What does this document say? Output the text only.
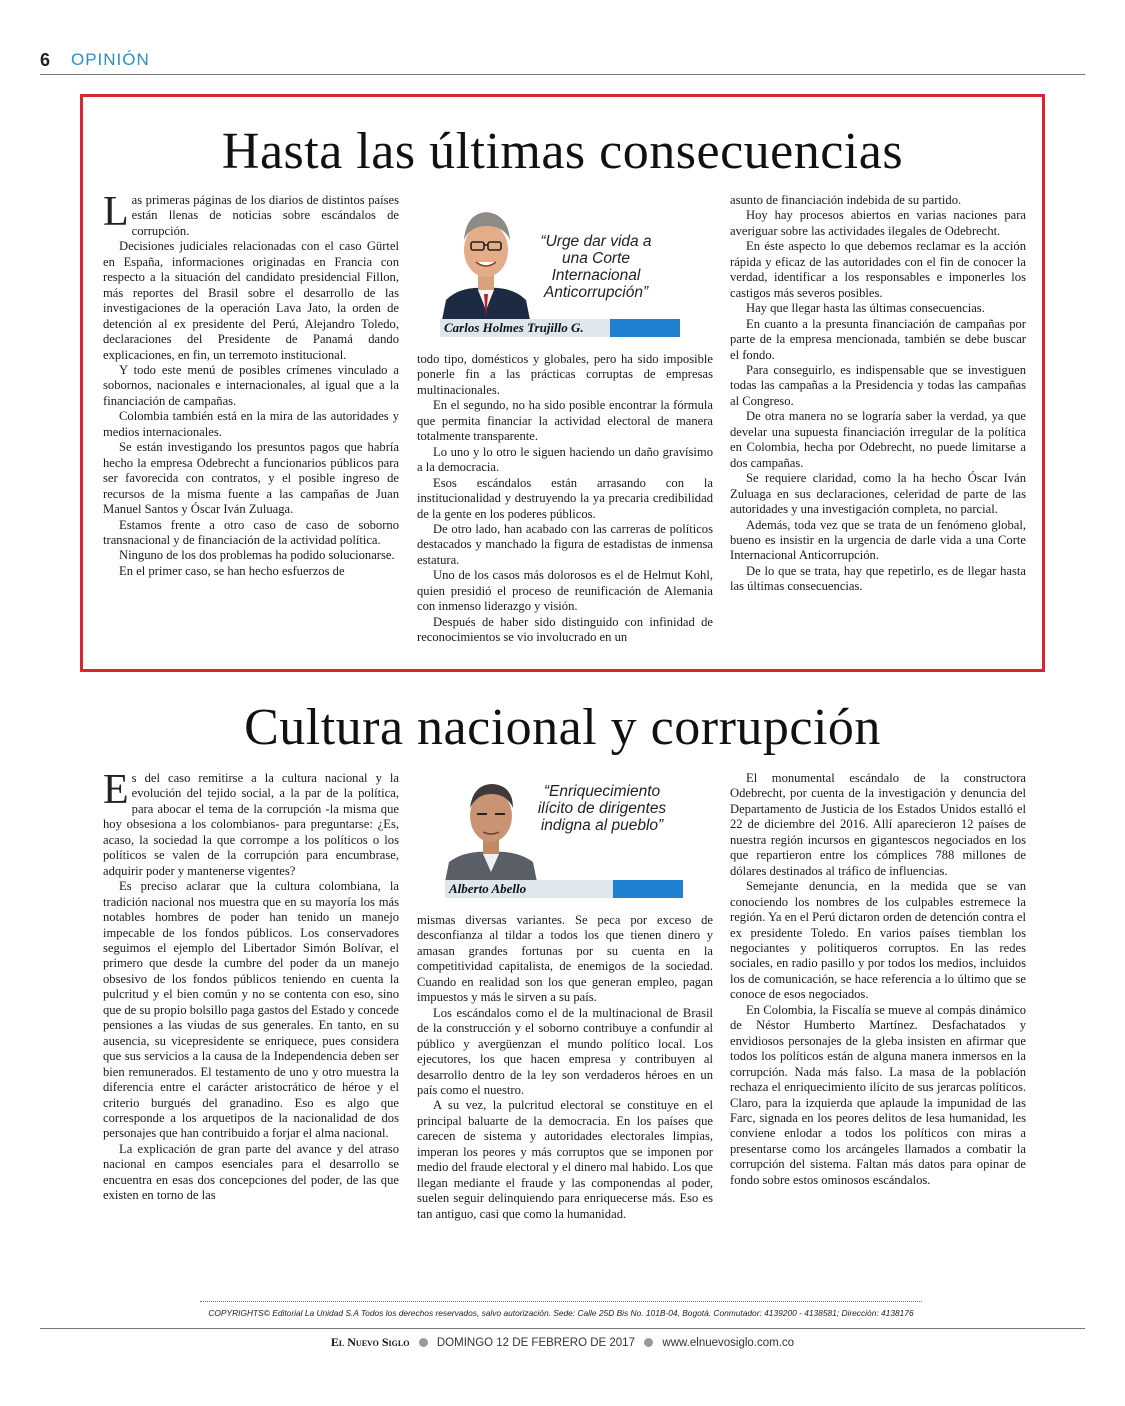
6 OPINIÓN
Hasta las últimas consecuencias

Las primeras páginas de los diarios de distintos países están llenas de noticias sobre escándalos de corrupción.

Decisiones judiciales relacionadas con el caso Gürtel en España, informaciones originadas en Francia con respecto a la situación del candidato presidencial Fillon, más reportes del Brasil sobre el desarrollo de las investigaciones de la operación Lava Jato, la orden de detención al ex presidente del Perú, Alejandro Toledo, declaraciones del Presidente de Panamá dando explicaciones, en fin, un terremoto institucional.

Y todo este menú de posibles crímenes vinculado a sobornos, nacionales e internacionales, al igual que a la financiación de campañas.

Colombia también está en la mira de las autoridades y medios internacionales.

Se están investigando los presuntos pagos que habría hecho la empresa Odebrecht a funcionarios públicos para ser favorecida con contratos, y el posible ingreso de recursos de la misma fuente a las campañas de Juan Manuel Santos y Óscar Iván Zuluaga.

Estamos frente a otro caso de caso de soborno transnacional y de financiación de la actividad política.

Ninguno de los dos problemas ha podido solucionarse.

En el primer caso, se han hecho esfuerzos de

“Urge dar vida a una Corte Internacional Anticorrupción”
Carlos Holmes Trujillo G.

todo tipo, domésticos y globales, pero ha sido imposible ponerle fin a las prácticas corruptas de empresas multinacionales.

En el segundo, no ha sido posible encontrar la fórmula que permita financiar la actividad electoral de manera totalmente transparente.

Lo uno y lo otro le siguen haciendo un daño gravísimo a la democracia.

Esos escándalos están arrasando con la institucionalidad y destruyendo la ya precaria credibilidad de la gente en los poderes públicos.

De otro lado, han acabado con las carreras de políticos destacados y manchado la figura de estadistas de inmensa estatura.

Uno de los casos más dolorosos es el de Helmut Kohl, quien presidió el proceso de reunificación de Alemania con inmenso liderazgo y visión.

Después de haber sido distinguido con infinidad de reconocimientos se vio involucrado en un

asunto de financiación indebida de su partido.

Hoy hay procesos abiertos en varias naciones para averiguar sobre las actividades ilegales de Odebrecht.

En éste aspecto lo que debemos reclamar es la acción rápida y eficaz de las autoridades con el fin de conocer la verdad, identificar a los responsables e imponerles los castigos más severos posibles.

Hay que llegar hasta las últimas consecuencias.

En cuanto a la presunta financiación de campañas por parte de la empresa mencionada, también se debe buscar el fondo.

Para conseguirlo, es indispensable que se investiguen todas las campañas a la Presidencia y todas las campañas al Congreso.

De otra manera no se lograría saber la verdad, ya que develar una supuesta financiación irregular de la política en Colombia, hecha por Odebrecht, no puede limitarse a dos campañas.

Se requiere claridad, como la ha hecho Óscar Iván Zuluaga en sus declaraciones, celeridad de parte de las autoridades y una investigación completa, no parcial.

Además, toda vez que se trata de un fenómeno global, bueno es insistir en la urgencia de darle vida a una Corte Internacional Anticorrupción.

De lo que se trata, hay que repetirlo, es de llegar hasta las últimas consecuencias.

Cultura nacional y corrupción

Es del caso remitirse a la cultura nacional y la evolución del tejido social, a la par de la política, para abocar el tema de la corrupción -la misma que hoy obsesiona a los colombianos- para preguntarse: ¿Es, acaso, la sociedad la que corrompe a los políticos o los políticos se valen de la corrupción para encumbrase, adquirir poder y mantenerse vigentes?

Es preciso aclarar que la cultura colombiana, la tradición nacional nos muestra que en su mayoría los más notables hombres de poder han tenido un manejo impecable de los fondos públicos. Los conservadores seguimos el ejemplo del Libertador Simón Bolívar, el primero que desde la cumbre del poder da un manejo obsesivo de los fondos públicos teniendo en cuenta la pulcritud y el bien común y no se contenta con eso, sino que de su propio bolsillo paga gastos del Estado y concede pensiones a las viudas de sus generales. En tanto, en su ausencia, su vicepresidente se enriquece, pues considera que sus servicios a la causa de la Independencia deben ser bien remunerados. El testamento de uno y otro muestra la diferencia entre el carácter aristocrático de héroe y el criterio burgués del granadino. Eso es algo que corresponde a los arquetipos de la nacionalidad de dos personajes que han contribuido a forjar el alma nacional.

La explicación de gran parte del avance y del atraso nacional en campos esenciales para el desarrollo se encuentra en esas dos concepciones del poder, de las que existen en torno de las

“Enriquecimiento ilícito de dirigentes indigna al pueblo”
Alberto Abello

mismas diversas variantes. Se peca por exceso de desconfianza al tildar a todos los que tienen dinero y amasan grandes fortunas por su cuenta en la competitividad capitalista, de enemigos de la sociedad. Cuando en realidad son los que generan empleo, pagan impuestos y más le sirven a su país.

Los escándalos como el de la multinacional de Brasil de la construcción y el soborno contribuye a confundir al público y avergüenzan el mundo político local. Los ejecutores, los que hacen empresa y contribuyen al desarrollo dentro de la ley son verdaderos héroes en un país como el nuestro.

A su vez, la pulcritud electoral se constituye en el principal baluarte de la democracia. En los países que carecen de sistema y autoridades electorales limpias, imperan los peores y más corruptos que se imponen por medio del fraude electoral y el dinero mal habido. Los que llegan mediante el fraude y las componendas al poder, suelen seguir delinquiendo para enriquecerse más. Eso es tan antiguo, casi que como la humanidad.

El monumental escándalo de la constructora Odebrecht, por cuenta de la investigación y denuncia del Departamento de Justicia de los Estados Unidos estalló el 22 de diciembre del 2016. Allí aparecieron 12 países de nuestra región incursos en gigantescos negociados en los que repartieron entre los cómplices 788 millones de dólares destinados al tráfico de influencias.

Semejante denuncia, en la medida que se van conociendo los nombres de los culpables estremece la región. Ya en el Perú dictaron orden de detención contra el ex presidente Toledo. En varios países tiemblan los negociantes y politiqueros corruptos. En las redes sociales, en radio pasillo y por todos los medios, incluidos los de comunicación, se hace referencia a lo último que se conoce de esos negociados.

En Colombia, la Fiscalía se mueve al compás dinámico de Néstor Humberto Martínez. Desfachatados y envidiosos personajes de la gleba insisten en afirmar que todos los políticos están de alguna manera inmersos en la corrupción. Nada más falso. La masa de la población rechaza el enriquecimiento ilícito de sus jerarcas políticos. Claro, para la izquierda que aplaude la impunidad de las Farc, signada en los peores delitos de lesa humanidad, les conviene enlodar a todos los políticos con miras a presentarse como los arcángeles llamados a combatir la corrupción del sistema. Faltan más datos para opinar de fondo sobre estos ominosos escándalos.

COPYRIGHTS© Editorial La Unidad S.A Todos los derechos reservados, salvo autorización. Sede: Calle 25D Bis No. 101B-04, Bogotá. Conmutador: 4139200 - 4138581; Dirección: 4138176
El Nuevo Siglo DOMINGO 12 DE FEBRERO DE 2017 www.elnuevosiglo.com.co
